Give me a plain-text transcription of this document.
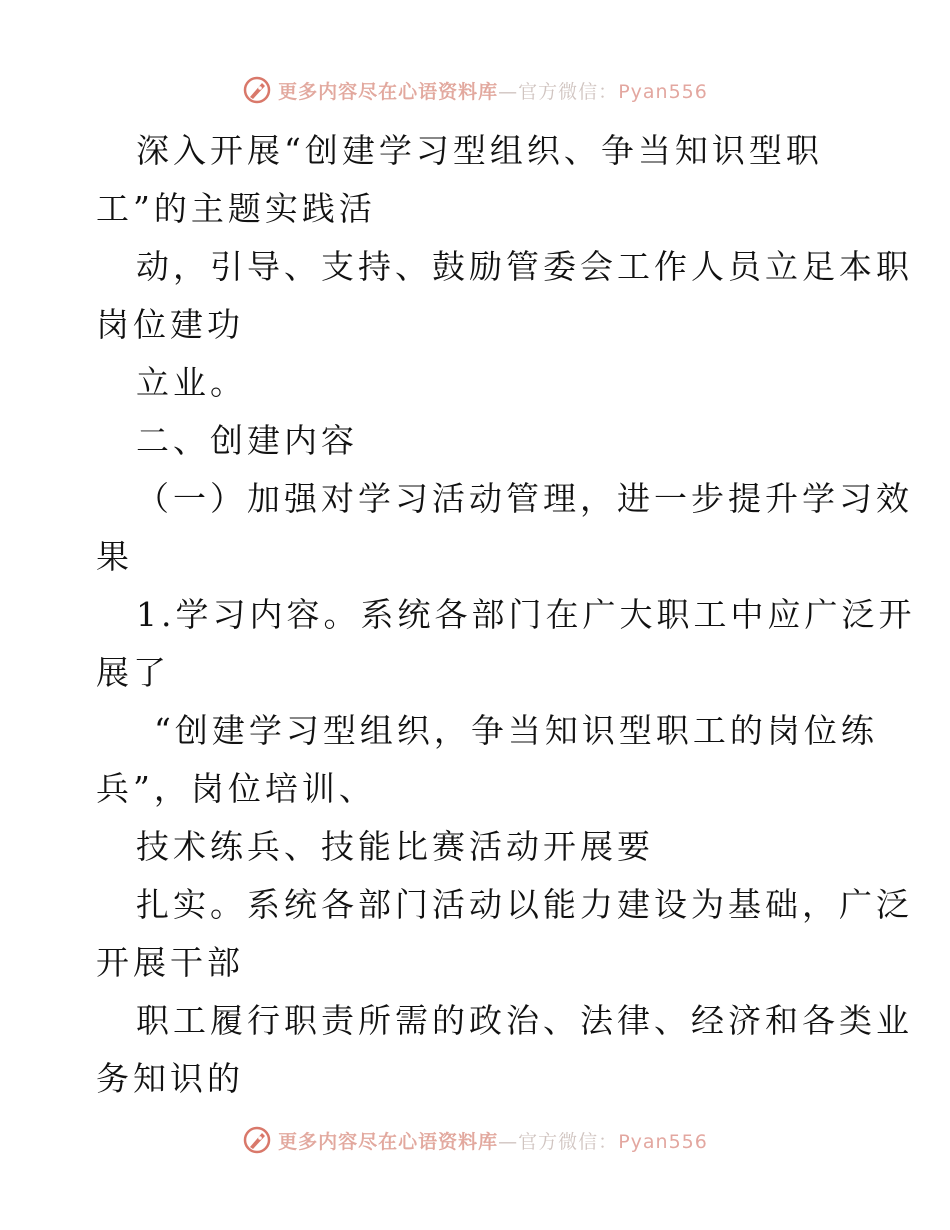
更多内容尽在心语资料库—官方微信：Pyan556
深入开展“创建学习型组织、争当知识型职
工”的主题实践活
动，引导、支持、鼓励管委会工作人员立足本职
岗位建功
立业。
二、创建内容
（一）加强对学习活动管理，进一步提升学习效
果
1.学习内容。系统各部门在广大职工中应广泛开
展了
“创建学习型组织，争当知识型职工的岗位练
兵”，岗位培训、
技术练兵、技能比赛活动开展要
扎实。系统各部门活动以能力建设为基础，广泛
开展干部
职工履行职责所需的政治、法律、经济和各类业
务知识的
更多内容尽在心语资料库—官方微信：Pyan556
